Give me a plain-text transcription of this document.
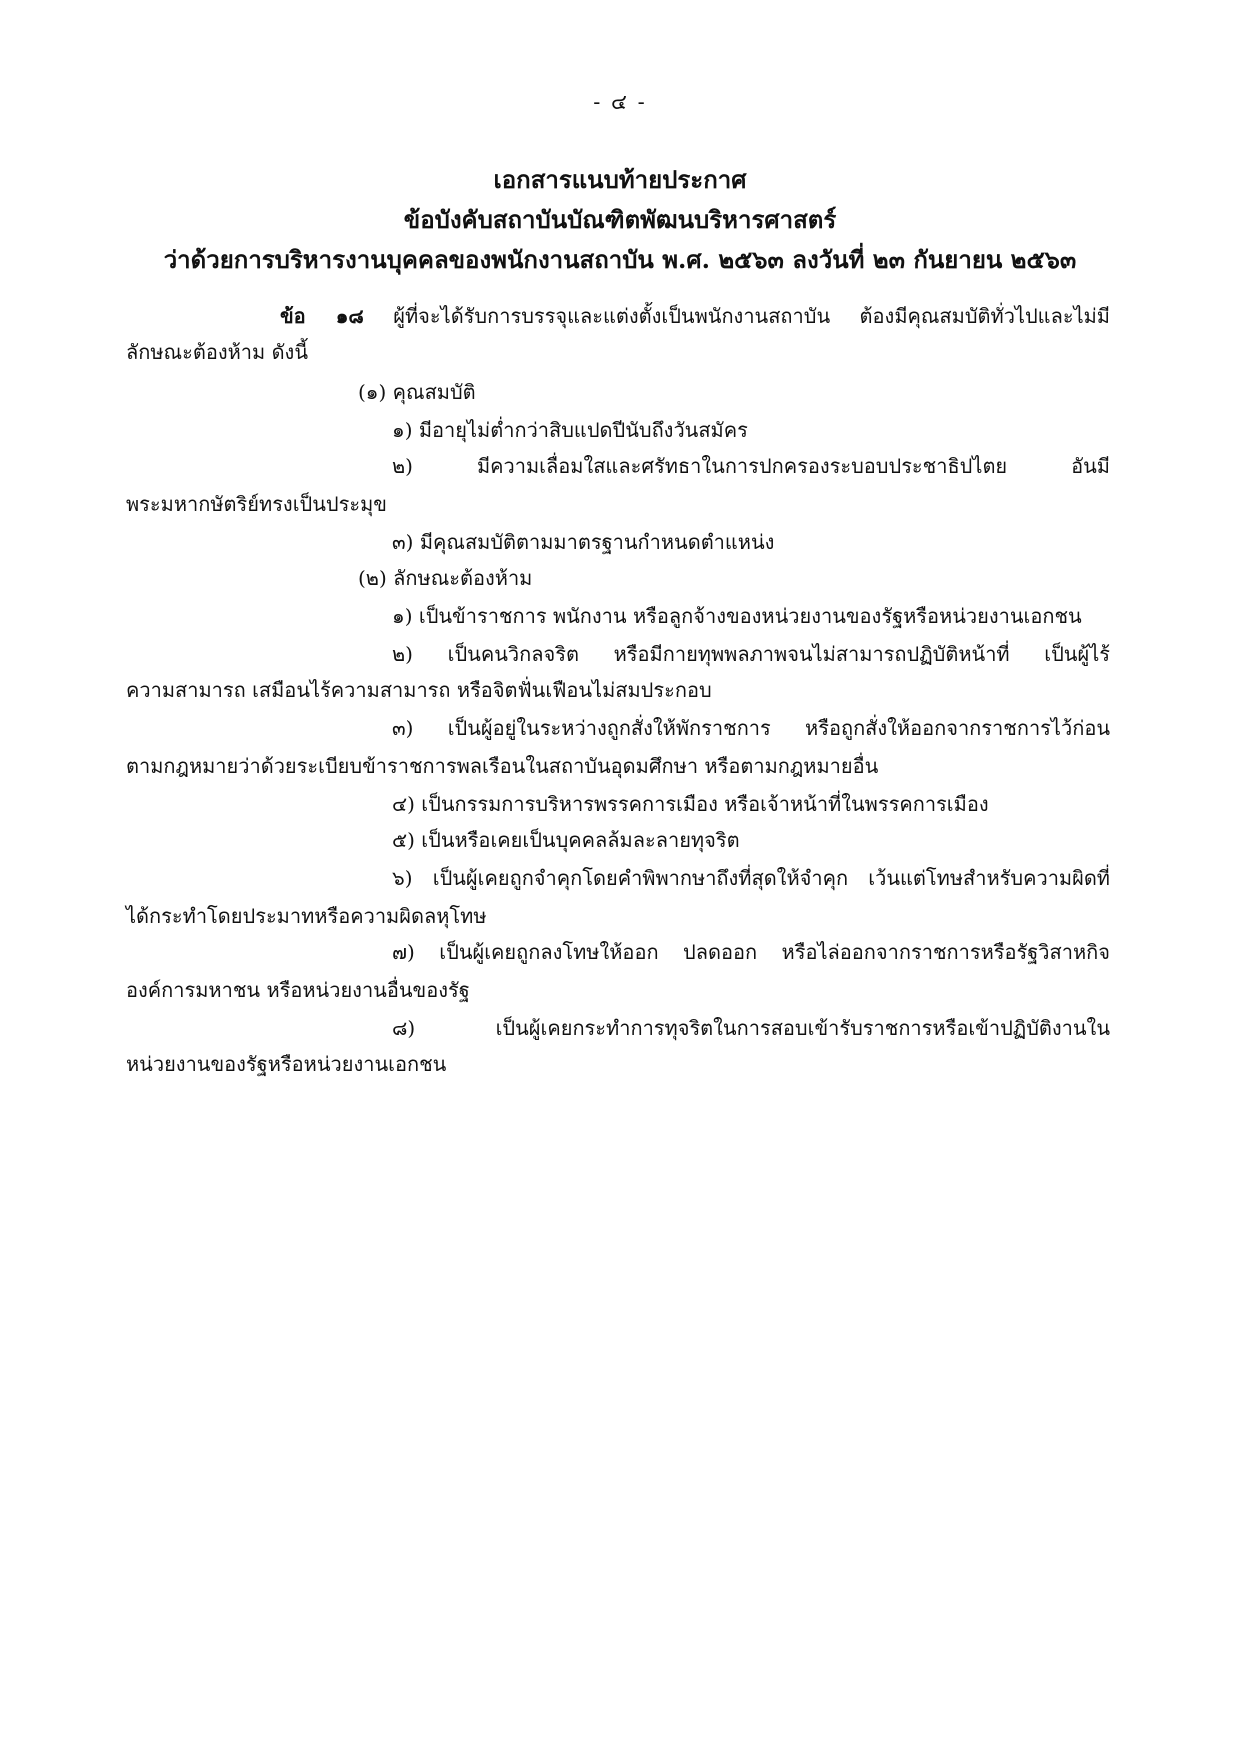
- ๔ -
เอกสารแนบท้ายประกาศ
ข้อบังคับสถาบันบัณฑิตพัฒนบริหารศาสตร์
ว่าด้วยการบริหารงานบุคคลของพนักงานสถาบัน พ.ศ. ๒๕๖๓ ลงวันที่ ๒๓ กันยายน ๒๕๖๓
ข้อ ๑๘ ผู้ที่จะได้รับการบรรจุและแต่งตั้งเป็นพนักงานสถาบัน ต้องมีคุณสมบัติทั่วไปและไม่มี
ลักษณะต้องห้าม ดังนี้
(๑) คุณสมบัติ
๑) มีอายุไม่ต่ำกว่าสิบแปดปีนับถึงวันสมัคร
๒) มีความเลื่อมใสและศรัทธาในการปกครองระบอบประชาธิปไตย อันมี
พระมหากษัตริย์ทรงเป็นประมุข
๓) มีคุณสมบัติตามมาตรฐานกำหนดตำแหน่ง
(๒) ลักษณะต้องห้าม
๑) เป็นข้าราชการ พนักงาน หรือลูกจ้างของหน่วยงานของรัฐหรือหน่วยงานเอกชน
๒) เป็นคนวิกลจริต หรือมีกายทุพพลภาพจนไม่สามารถปฏิบัติหน้าที่ เป็นผู้ไร้
ความสามารถ เสมือนไร้ความสามารถ หรือจิตฟั่นเฟือนไม่สมประกอบ
๓) เป็นผู้อยู่ในระหว่างถูกสั่งให้พักราชการ หรือถูกสั่งให้ออกจากราชการไว้ก่อน
ตามกฎหมายว่าด้วยระเบียบข้าราชการพลเรือนในสถาบันอุดมศึกษา หรือตามกฎหมายอื่น
๔) เป็นกรรมการบริหารพรรคการเมือง หรือเจ้าหน้าที่ในพรรคการเมือง
๕) เป็นหรือเคยเป็นบุคคลล้มละลายทุจริต
๖) เป็นผู้เคยถูกจำคุกโดยคำพิพากษาถึงที่สุดให้จำคุก เว้นแต่โทษสำหรับความผิดที่
ได้กระทำโดยประมาทหรือความผิดลหุโทษ
๗) เป็นผู้เคยถูกลงโทษให้ออก ปลดออก หรือไล่ออกจากราชการหรือรัฐวิสาหกิจ
องค์การมหาชน หรือหน่วยงานอื่นของรัฐ
๘) เป็นผู้เคยกระทำการทุจริตในการสอบเข้ารับราชการหรือเข้าปฏิบัติงานใน
หน่วยงานของรัฐหรือหน่วยงานเอกชน
